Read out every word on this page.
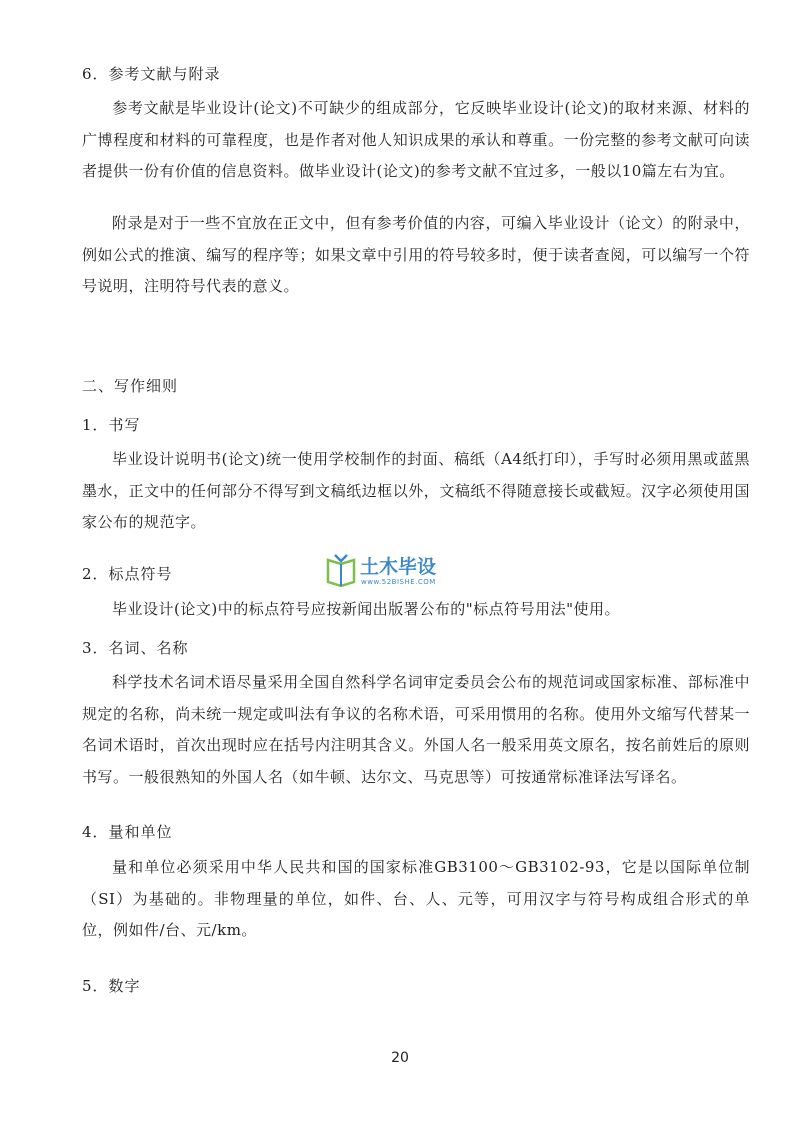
6．参考文献与附录
参考文献是毕业设计(论文)不可缺少的组成部分，它反映毕业设计(论文)的取材来源、材料的广博程度和材料的可靠程度，也是作者对他人知识成果的承认和尊重。一份完整的参考文献可向读者提供一份有价值的信息资料。做毕业设计(论文)的参考文献不宜过多，一般以10篇左右为宜。
附录是对于一些不宜放在正文中，但有参考价值的内容，可编入毕业设计（论文）的附录中，例如公式的推演、编写的程序等；如果文章中引用的符号较多时，便于读者查阅，可以编写一个符号说明，注明符号代表的意义。
二、写作细则
1．书写
毕业设计说明书(论文)统一使用学校制作的封面、稿纸（A4纸打印），手写时必须用黑或蓝黑墨水，正文中的任何部分不得写到文稿纸边框以外，文稿纸不得随意接长或截短。汉字必须使用国家公布的规范字。
2．标点符号
毕业设计(论文)中的标点符号应按新闻出版署公布的"标点符号用法"使用。
3．名词、名称
科学技术名词术语尽量采用全国自然科学名词审定委员会公布的规范词或国家标准、部标准中规定的名称，尚未统一规定或叫法有争议的名称术语，可采用惯用的名称。使用外文缩写代替某一名词术语时，首次出现时应在括号内注明其含义。外国人名一般采用英文原名，按名前姓后的原则书写。一般很熟知的外国人名（如牛顿、达尔文、马克思等）可按通常标准译法写译名。
4．量和单位
量和单位必须采用中华人民共和国的国家标准GB3100～GB3102-93，它是以国际单位制（SI）为基础的。非物理量的单位，如件、台、人、元等，可用汉字与符号构成组合形式的单位，例如件/台、元/km。
5．数字
土木毕设
www.52BISHE.COM
20
